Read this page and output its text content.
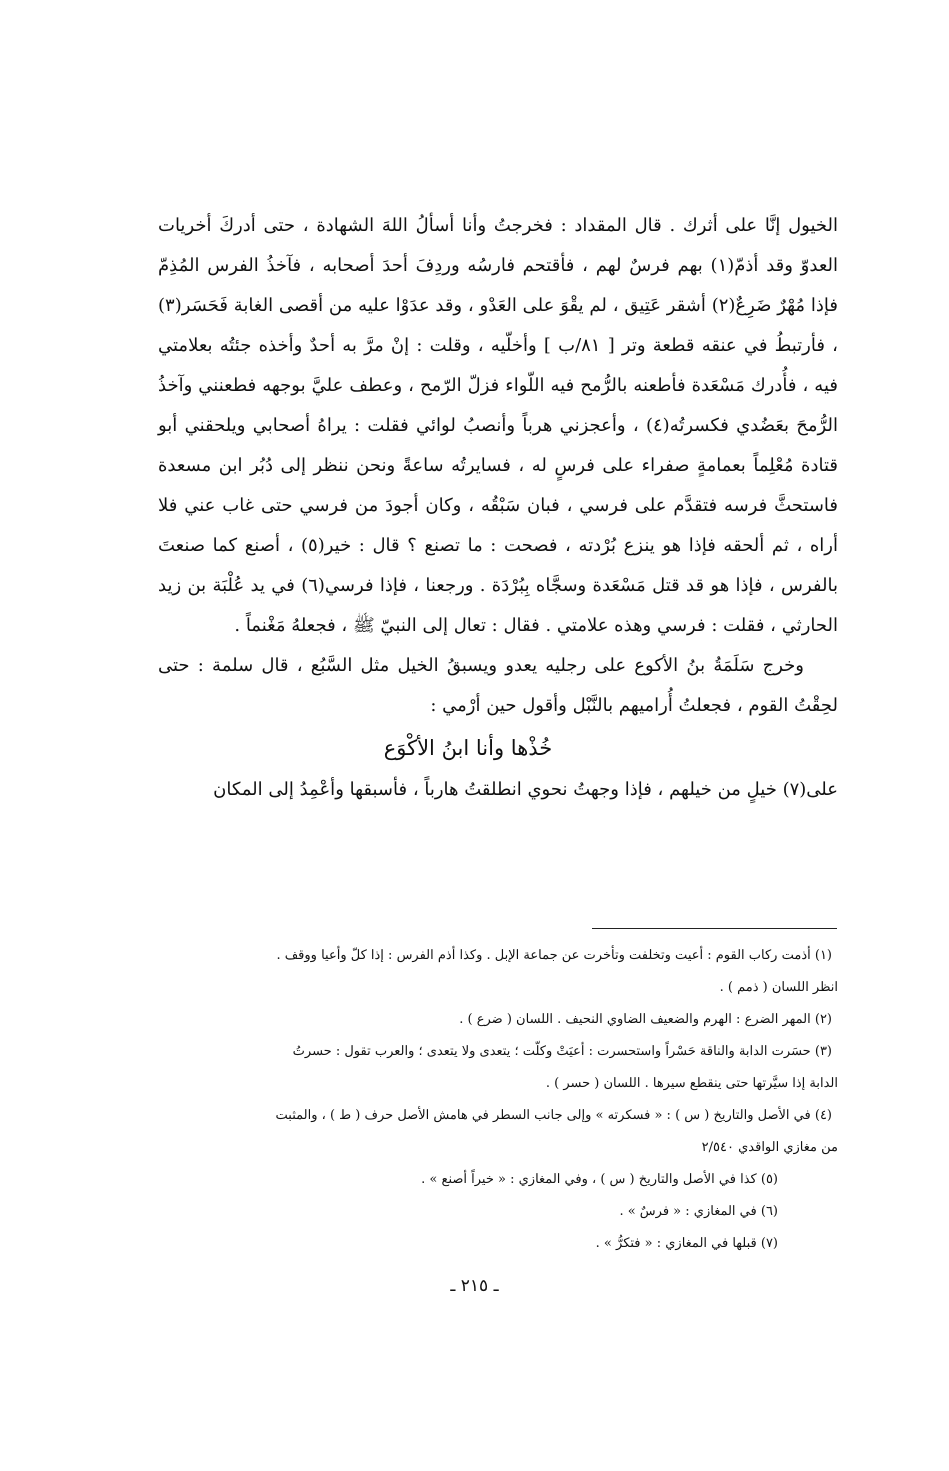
الخيول إنَّا على أثرك . قال المقداد : فخرجتُ وأنا أسألُ اللهَ الشهادة ، حتى أدركَ أخريات العدوّ وقد أذمّ(١) بهم فرسٌ لهم ، فأقتحم فارسُه وردِفَ أحدَ أصحابه ، فآخذُ الفرس المُذِمّ فإذا مُهْرٌ ضَرِعٌ(٢) أشقر عَتِيق ، لم يقْوَ على العَدْو ، وقد عدَوْا عليه من أقصى الغابة فَحَسَر(٣) ، فأرتبطُ في عنقه قطعة وتر [ ٨١/ب ] وأخلّيه ، وقلت : إنْ مرَّ به أحدٌ وأخذه جئتُه بعلامتي فيه ، فأُدرك مَسْعَدة فأطعنه بالرُّمح فيه اللّواء فزلّ الرّمح ، وعطف عليَّ بوجهه فطعنني وآخذُ الرُّمحَ بعَضُدي فكسرتُه(٤) ، وأعجزني هرباً وأنصبُ لوائي فقلت : يراهُ أصحابي ويلحقني أبو قتادة مُعْلِماً بعمامةٍ صفراء على فرسٍ له ، فسايرتُه ساعةً ونحن ننظر إلى دُبُر ابن مسعدة فاستحثَّ فرسه فتقدَّم على فرسي ، فبان سَبْقُه ، وكان أجودَ من فرسي حتى غاب عني فلا أراه ، ثم ألحقه فإذا هو ينزع بُرْدته ، فصحت : ما تصنع ؟ قال : خير(٥) ، أصنع كما صنعتَ بالفرس ، فإذا هو قد قتل مَسْعَدة وسجَّاه بِبُرْدَة . ورجعنا ، فإذا فرسي(٦) في يد عُلْبَة بن زيد الحارثي ، فقلت : فرسي وهذه علامتي . فقال : تعال إلى النبيّ ﷺ ، فجعلهُ مَغْنماً .

وخرج سَلَمَةُ بنُ الأكوع على رجليه يعدو ويسبقُ الخيل مثل السَّبُع ، قال سلمة : حتى لحِقْتُ القوم ، فجعلتُ أُراميهم بالنَّبْل وأقول حين أرْمي :

خُذْها وأنا ابنُ الأكْوَع

على(٧) خيلٍ من خيلهم ، فإذا وجهتُ نحوي انطلقتُ هارباً ، فأسبقها وأعْمِدُ إلى المكان

(١) أذمت ركاب القوم : أعيت وتخلفت وتأخرت عن جماعة الإبل . وكذا أذم الفرس : إذا كلّ وأعيا ووقف .

انظر اللسان ( ذمم ) .

(٢) المهر الضرع : الهرم والضعيف الضاوي النحيف . اللسان ( ضرع ) .

(٣) حسَرت الدابة والناقة حَسْراً واستحسرت : أعيَتْ وكلّت ؛ يتعدى ولا يتعدى ؛ والعرب تقول : حسرتُ

الدابة إذا سيَّرتها حتى ينقطع سيرها . اللسان ( حسر ) .

(٤) في الأصل والتاريخ ( س ) : « فسكرته » وإلى جانب السطر في هامش الأصل حرف ( ط ) ، والمثبت

من مغازي الواقدي ٢/٥٤٠

(٥) كذا في الأصل والتاريخ ( س ) ، وفي المغازي : « خيراً أصنع » .

(٦) في المغازي : « فرسٌ » .

(٧) قبلها في المغازي : « فتكرُّ » .

ـ ٢١٥ ـ
